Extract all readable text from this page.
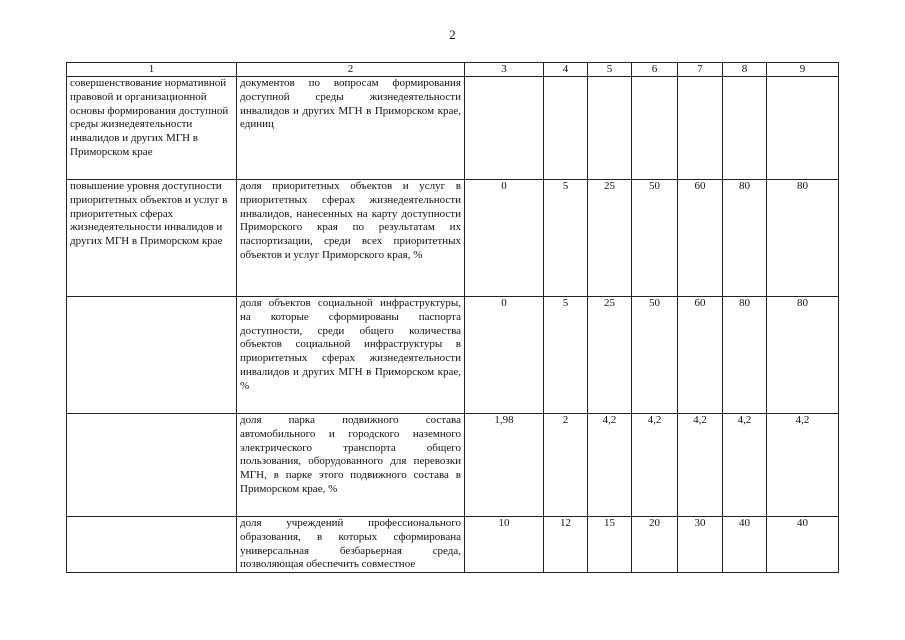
2
1	2	3	4	5	6	7	8	9
совершенствование нормативной правовой и организационной основы формирования доступной среды жизнедеятельности инвалидов и других МГН в Приморском крае	документов по вопросам формирования доступной среды жизнедеятельности инвалидов и других МГН в Приморском крае, единиц							
повышение уровня доступности приоритетных объектов и услуг в приоритетных сферах жизнедеятельности инвалидов и других МГН в Приморском крае	доля приоритетных объектов и услуг в приоритетных сферах жизнедеятельности инвалидов, нанесенных на карту доступности Приморского края по результатам их паспортизации, среди всех приоритетных объектов и услуг Приморского края, %	0	5	25	50	60	80	80
	доля объектов социальной инфраструктуры, на которые сформированы паспорта доступности, среди общего количества объектов социальной инфраструктуры в приоритетных сферах жизнедеятельности инвалидов и других МГН в Приморском крае, %	0	5	25	50	60	80	80
	доля парка подвижного состава автомобильного и городского наземного электрического транспорта общего пользования, оборудованного для перевозки МГН, в парке этого подвижного состава в Приморском крае, %	1,98	2	4,2	4,2	4,2	4,2	4,2

	доля учреждений профессионального образования, в которых сформирована универсальная безбарьерная среда, позволяющая обеспечить совместное	10	12	15	20	30	40	40
